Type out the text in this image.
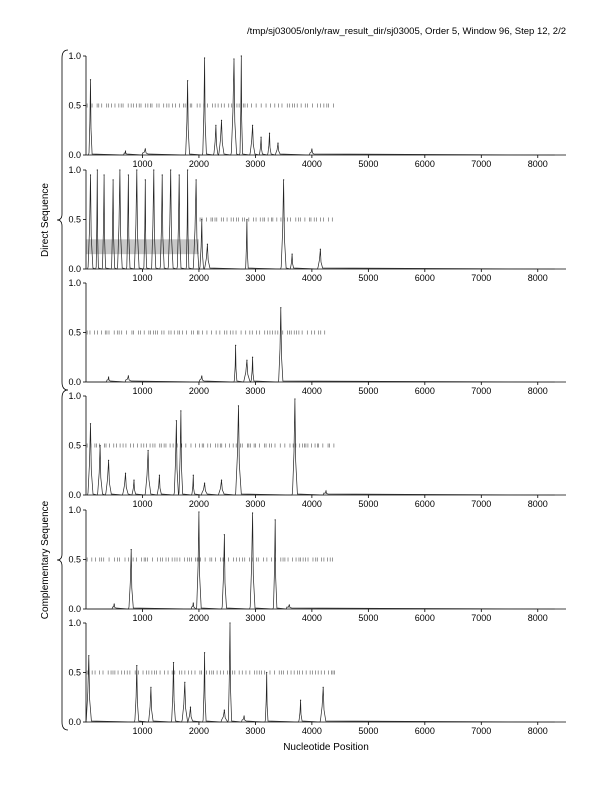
/tmp/sj03005/only/raw_result_dir/sj03005, Order 5, Window 96, Step 12, 2/2
Direct Sequence
Complementary Sequence
0.0
0.5
1.0
1000	2000	3000	4000	5000	6000	7000	8000
0.0
0.5
1.0
1000	2000	3000	4000	5000	6000	7000	8000
0.0
0.5
1.0
1000	2000	3000	4000	5000	6000	7000	8000
0.0
0.5
1.0
1000	2000	3000	4000	5000	6000	7000	8000
0.0
0.5
1.0
1000	2000	3000	4000	5000	6000	7000	8000
0.0
0.5
1.0
1000	2000	3000	4000	5000	6000	7000	8000
Nucleotide Position
